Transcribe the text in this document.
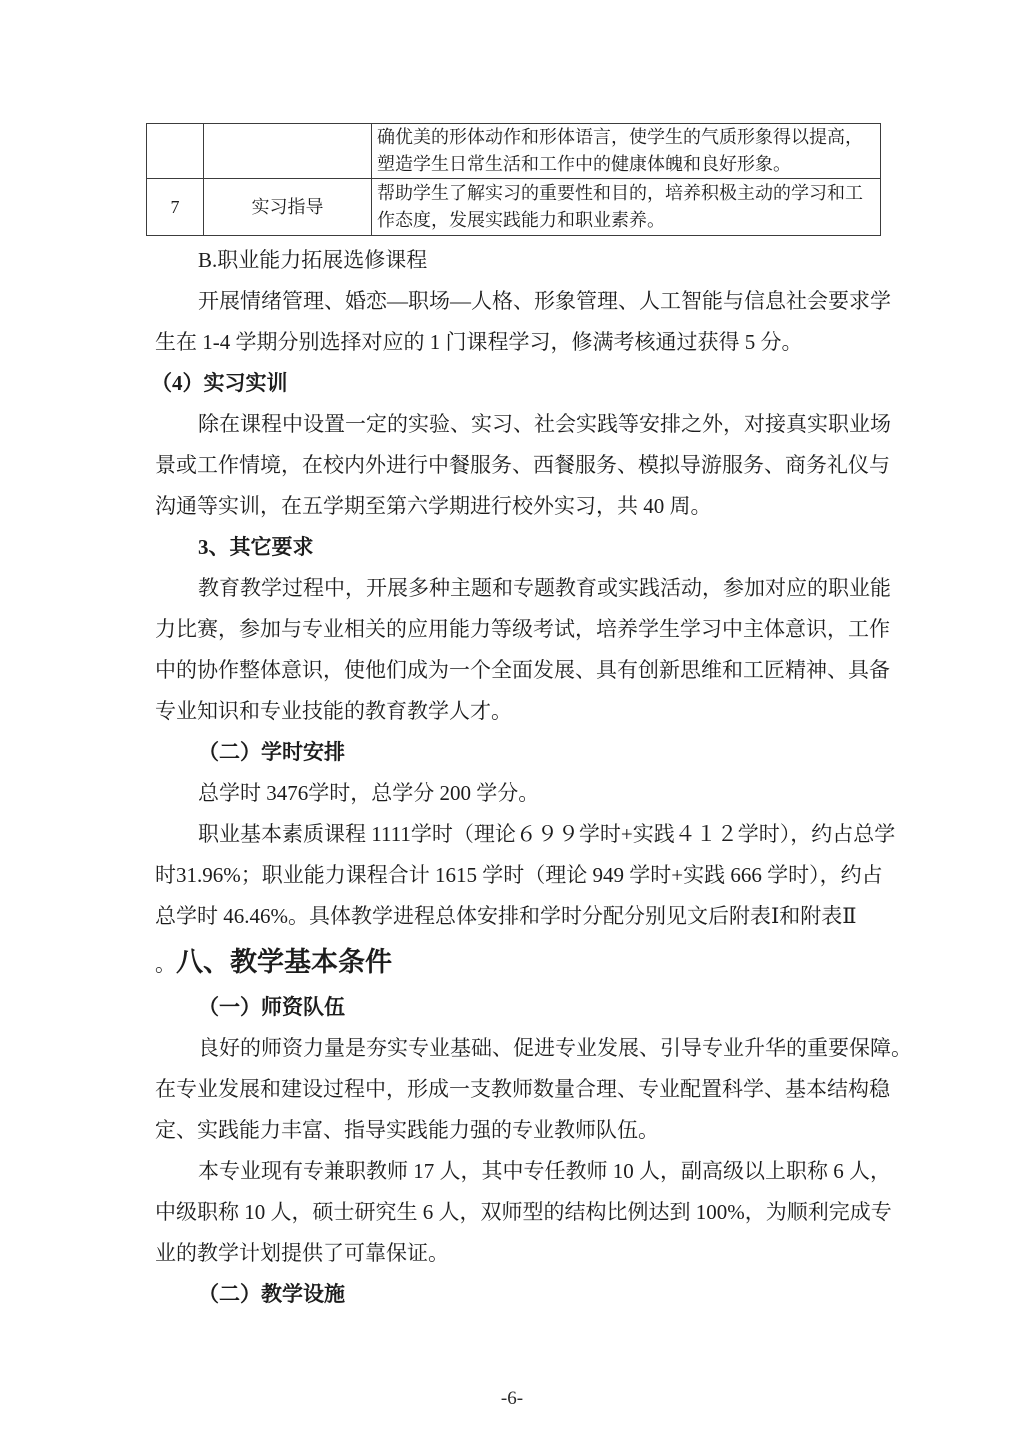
		确优美的形体动作和形体语言，使学生的气质形象得以提高，塑造学生日常生活和工作中的健康体魄和良好形象。
7	实习指导	帮助学生了解实习的重要性和目的，培养积极主动的学习和工作态度，发展实践能力和职业素养。
B.职业能力拓展选修课程
开展情绪管理、婚恋—职场—人格、形象管理、人工智能与信息社会要求学
生在 1-4 学期分别选择对应的 1 门课程学习，修满考核通过获得 5 分。
（4）实习实训
除在课程中设置一定的实验、实习、社会实践等安排之外，对接真实职业场
景或工作情境，在校内外进行中餐服务、西餐服务、模拟导游服务、商务礼仪与
沟通等实训，在五学期至第六学期进行校外实习，共 40 周。
3、其它要求
教育教学过程中，开展多种主题和专题教育或实践活动，参加对应的职业能
力比赛，参加与专业相关的应用能力等级考试，培养学生学习中主体意识，工作
中的协作整体意识，使他们成为一个全面发展、具有创新思维和工匠精神、具备
专业知识和专业技能的教育教学人才。
（二）学时安排
总学时 3476学时，总学分 200 学分。
职业基本素质课程 1111学时（理论６９９学时+实践４１２学时），约占总学
时31.96%；职业能力课程合计 1615 学时（理论 949 学时+实践 666 学时），约占
总学时 46.46%。具体教学进程总体安排和学时分配分别见文后附表Ⅰ和附表Ⅱ
。八、教学基本条件
（一）师资队伍
良好的师资力量是夯实专业基础、促进专业发展、引导专业升华的重要保障。
在专业发展和建设过程中，形成一支教师数量合理、专业配置科学、基本结构稳
定、实践能力丰富、指导实践能力强的专业教师队伍。
本专业现有专兼职教师 17 人，其中专任教师 10 人，副高级以上职称 6 人，
中级职称 10 人，硕士研究生 6 人，双师型的结构比例达到 100%，为顺利完成专
业的教学计划提供了可靠保证。
（二）教学设施
-6-
